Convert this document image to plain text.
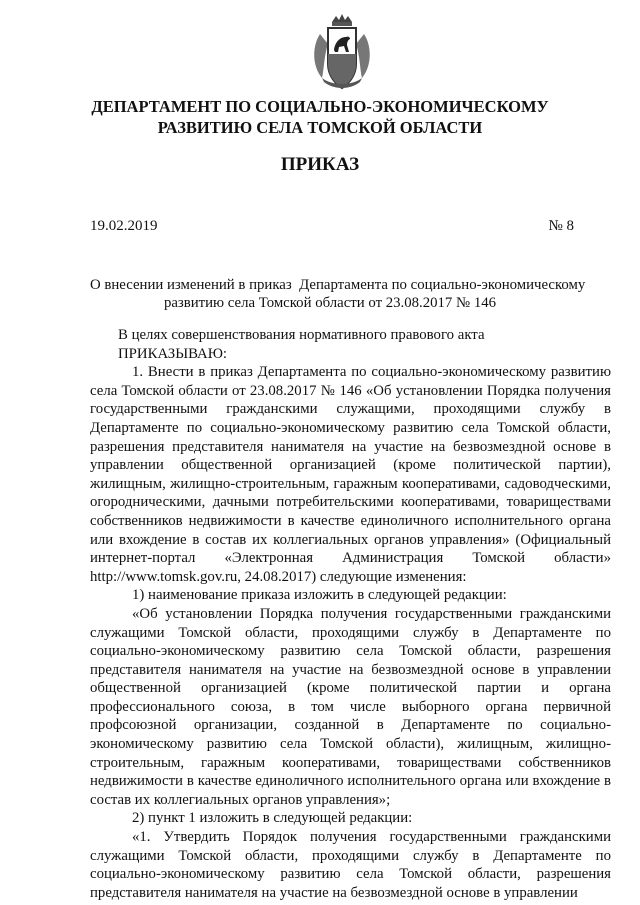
ДЕПАРТАМЕНТ ПО СОЦИАЛЬНО-ЭКОНОМИЧЕСКОМУ
РАЗВИТИЮ СЕЛА ТОМСКОЙ ОБЛАСТИ
ПРИКАЗ
19.02.2019	№ 8
О внесении изменений в приказ  Департамента по социально-экономическому
развитию села Томской области от 23.08.2017 № 146

В целях совершенствования нормативного правового акта

ПРИКАЗЫВАЮ:

1. Внести в приказ Департамента по социально-экономическому развитию села Томской области от 23.08.2017 № 146 «Об установлении Порядка получения государственными гражданскими служащими, проходящими службу в Департаменте по социально-экономическому развитию села Томской области, разрешения представителя нанимателя на участие на безвозмездной основе в управлении общественной организацией (кроме политической партии), жилищным, жилищно-строительным, гаражным кооперативами, садоводческими, огородническими, дачными потребительскими кооперативами, товариществами собственников недвижимости в качестве единоличного исполнительного органа или вхождение в состав их коллегиальных органов управления» (Официальный интернет-портал «Электронная Администрация Томской области» http://www.tomsk.gov.ru, 24.08.2017) следующие изменения:

1) наименование приказа изложить в следующей редакции:

«Об установлении Порядка получения государственными гражданскими служащими Томской области, проходящими службу в Департаменте по социально-экономическому развитию села Томской области, разрешения представителя нанимателя на участие на безвозмездной основе в управлении общественной организацией (кроме политической партии и органа профессионального союза, в том числе выборного органа первичной профсоюзной организации, созданной в Департаменте по социально-экономическому развитию села Томской области), жилищным, жилищно-строительным, гаражным кооперативами, товариществами собственников недвижимости в качестве единоличного исполнительного органа или вхождение в состав их коллегиальных органов управления»;

2) пункт 1 изложить в следующей редакции:

«1. Утвердить Порядок получения государственными гражданскими служащими Томской области, проходящими службу в Департаменте по социально-экономическому развитию села Томской области, разрешения представителя нанимателя на участие на безвозмездной основе в управлении
